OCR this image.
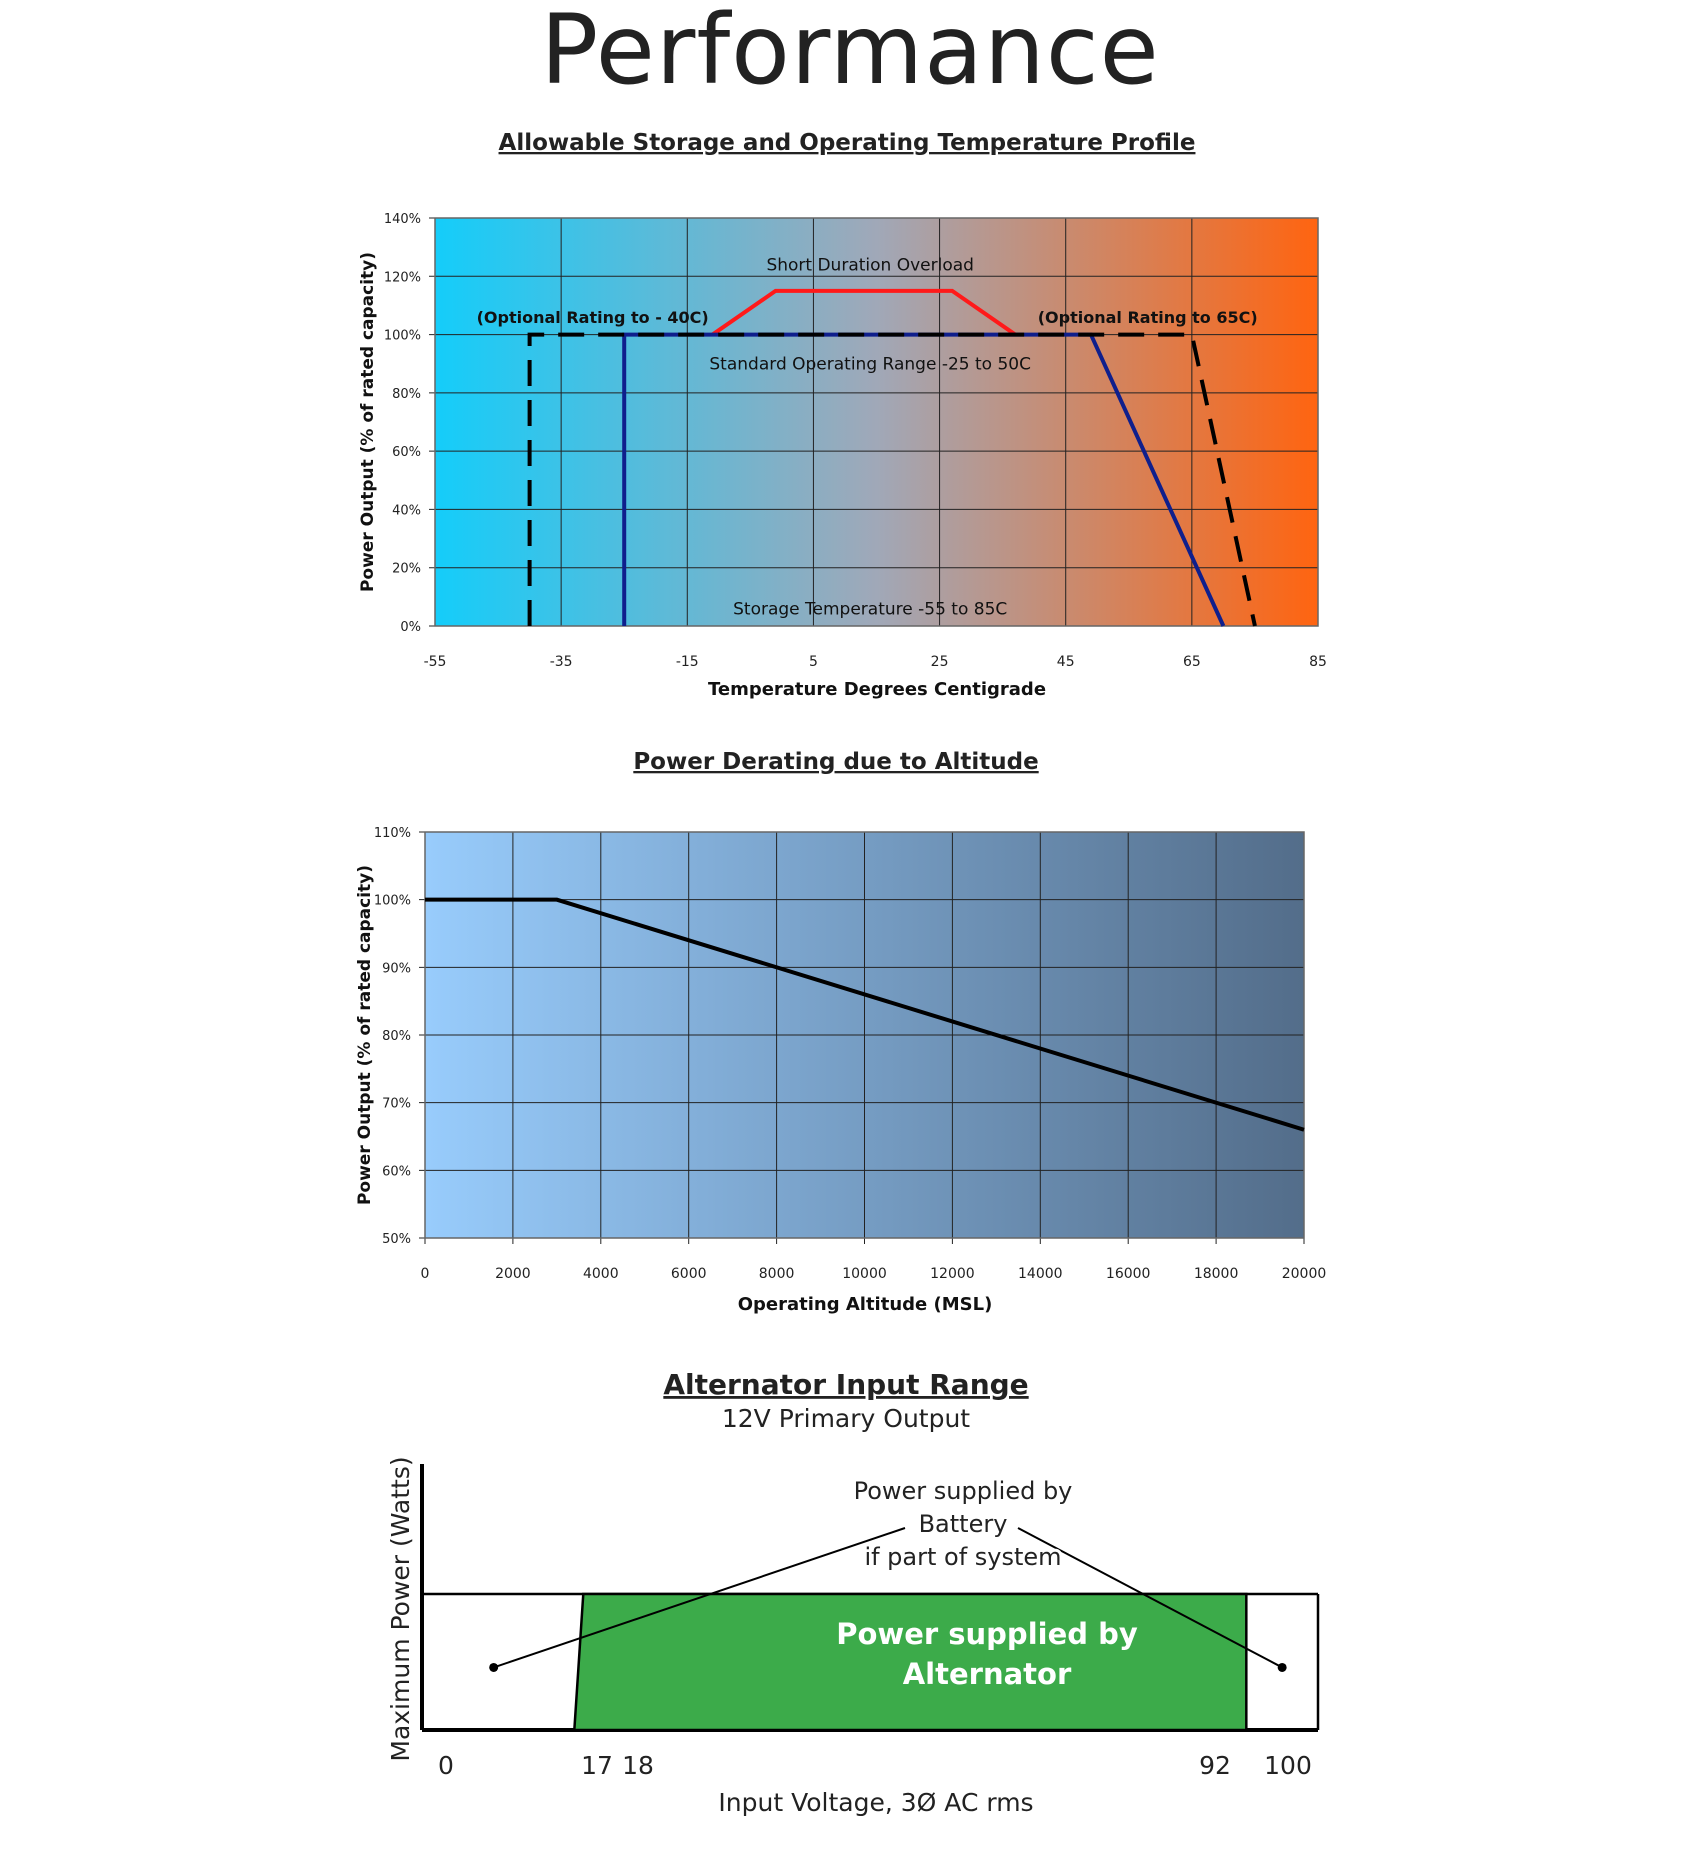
Performance
Allowable Storage and Operating Temperature Profile
-55	-35	-15	5	25	45	65	85
0%
20%
40%
60%
80%
100%
120%
140%
Short Duration Overload
(Optional Rating to - 40C)	(Optional Rating to 65C)
Standard Operating Range -25 to 50C
Storage Temperature -55 to 85C
Temperature Degrees Centigrade
Power Output (% of rated capacity)
Power Derating due to Altitude
0	2000	4000	6000	8000	10000	12000	14000	16000	18000	20000
50%
60%
70%
80%
90%
100%
110%
Operating Altitude (MSL)
Power Output (% of rated capacity)
Alternator Input Range
12V Primary Output
Power supplied by
Battery
if part of system
Power supplied by
Alternator
0	17 18	92 100
Input Voltage, 3Ø AC rms
Maximum Power (Watts)
